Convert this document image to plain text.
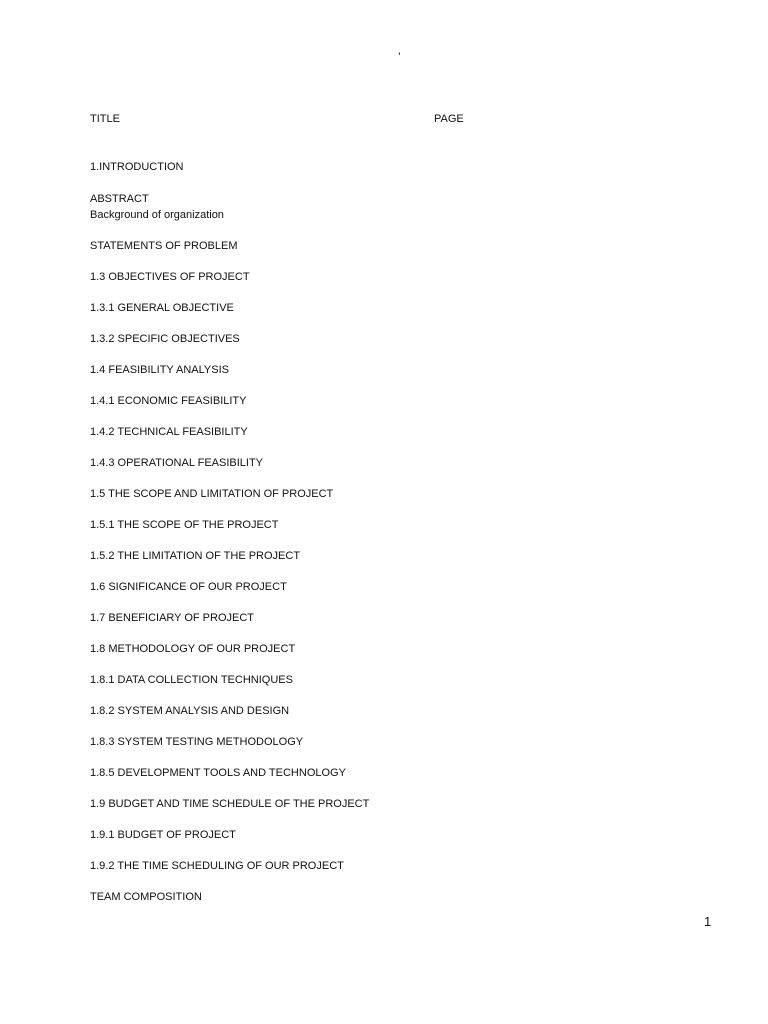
’
TITLE	PAGE
1.INTRODUCTION
ABSTRACT
Background of organization
STATEMENTS OF PROBLEM
1.3 OBJECTIVES OF PROJECT
1.3.1 GENERAL OBJECTIVE
1.3.2 SPECIFIC OBJECTIVES
1.4 FEASIBILITY ANALYSIS
1.4.1 ECONOMIC FEASIBILITY
1.4.2 TECHNICAL FEASIBILITY
1.4.3 OPERATIONAL FEASIBILITY
1.5 THE SCOPE AND LIMITATION OF PROJECT
1.5.1 THE SCOPE OF THE PROJECT
1.5.2 THE LIMITATION OF THE PROJECT
1.6 SIGNIFICANCE OF OUR PROJECT
1.7 BENEFICIARY OF PROJECT
1.8 METHODOLOGY OF OUR PROJECT
1.8.1 DATA COLLECTION TECHNIQUES
1.8.2 SYSTEM ANALYSIS AND DESIGN
1.8.3 SYSTEM TESTING METHODOLOGY
1.8.5 DEVELOPMENT TOOLS AND TECHNOLOGY
1.9 BUDGET AND TIME SCHEDULE OF THE PROJECT
1.9.1 BUDGET OF PROJECT
1.9.2 THE TIME SCHEDULING OF OUR PROJECT
TEAM COMPOSITION
1
